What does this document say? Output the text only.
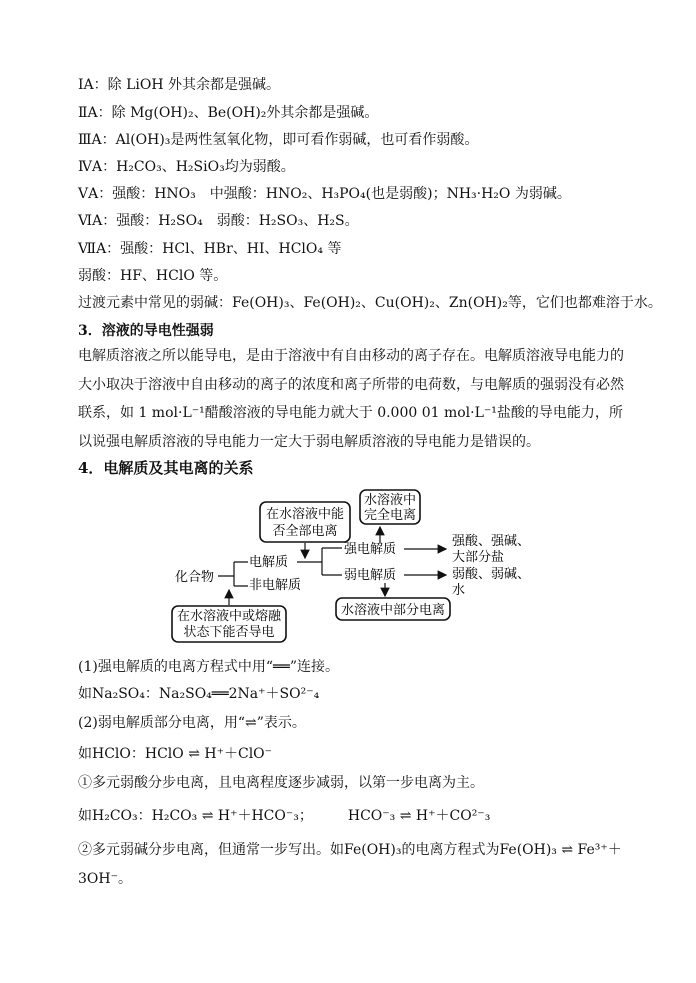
ⅠA：除 LiOH 外其余都是强碱。
ⅡA：除 Mg(OH)₂、Be(OH)₂外其余都是强碱。
ⅢA：Al(OH)₃是两性氢氧化物，即可看作弱碱，也可看作弱酸。
ⅣA：H₂CO₃、H₂SiO₃均为弱酸。
ⅤA：强酸：HNO₃　中强酸：HNO₂、H₃PO₄(也是弱酸)；NH₃·H₂O 为弱碱。
ⅥA：强酸：H₂SO₄　弱酸：H₂SO₃、H₂S。
ⅦA：强酸：HCl、HBr、HI、HClO₄ 等
弱酸：HF、HClO 等。
过渡元素中常见的弱碱：Fe(OH)₃、Fe(OH)₂、Cu(OH)₂、Zn(OH)₂等，它们也都难溶于水。
3．溶液的导电性强弱
电解质溶液之所以能导电，是由于溶液中有自由移动的离子存在。电解质溶液导电能力的大小取决于溶液中自由移动的离子的浓度和离子所带的电荷数，与电解质的强弱没有必然联系，如 1 mol·L⁻¹醋酸溶液的导电能力就大于 0.000 01 mol·L⁻¹盐酸的导电能力，所以说强电解质溶液的导电能力一定大于弱电解质溶液的导电能力是错误的。
4．电解质及其电离的关系
在水溶液中能
否全部电离
水溶液中
完全电离
在水溶液中或熔融
状态下能否导电
水溶液中部分电离
化合物
电解质
非电解质
强电解质
弱电解质
强酸、强碱、
大部分盐
弱酸、弱碱、
水
(1)强电解质的电离方程式中用“══”连接。
如Na₂SO₄：Na₂SO₄══2Na⁺＋SO²⁻₄
(2)弱电解质部分电离，用“⇌”表示。
如HClO：HClO ⇌ H⁺＋ClO⁻
①多元弱酸分步电离，且电离程度逐步减弱，以第一步电离为主。
如H₂CO₃：H₂CO₃ ⇌ H⁺＋HCO⁻₃；　　　HCO⁻₃ ⇌ H⁺＋CO²⁻₃
②多元弱碱分步电离，但通常一步写出。如Fe(OH)₃的电离方程式为Fe(OH)₃ ⇌ Fe³⁺＋
3OH⁻。
